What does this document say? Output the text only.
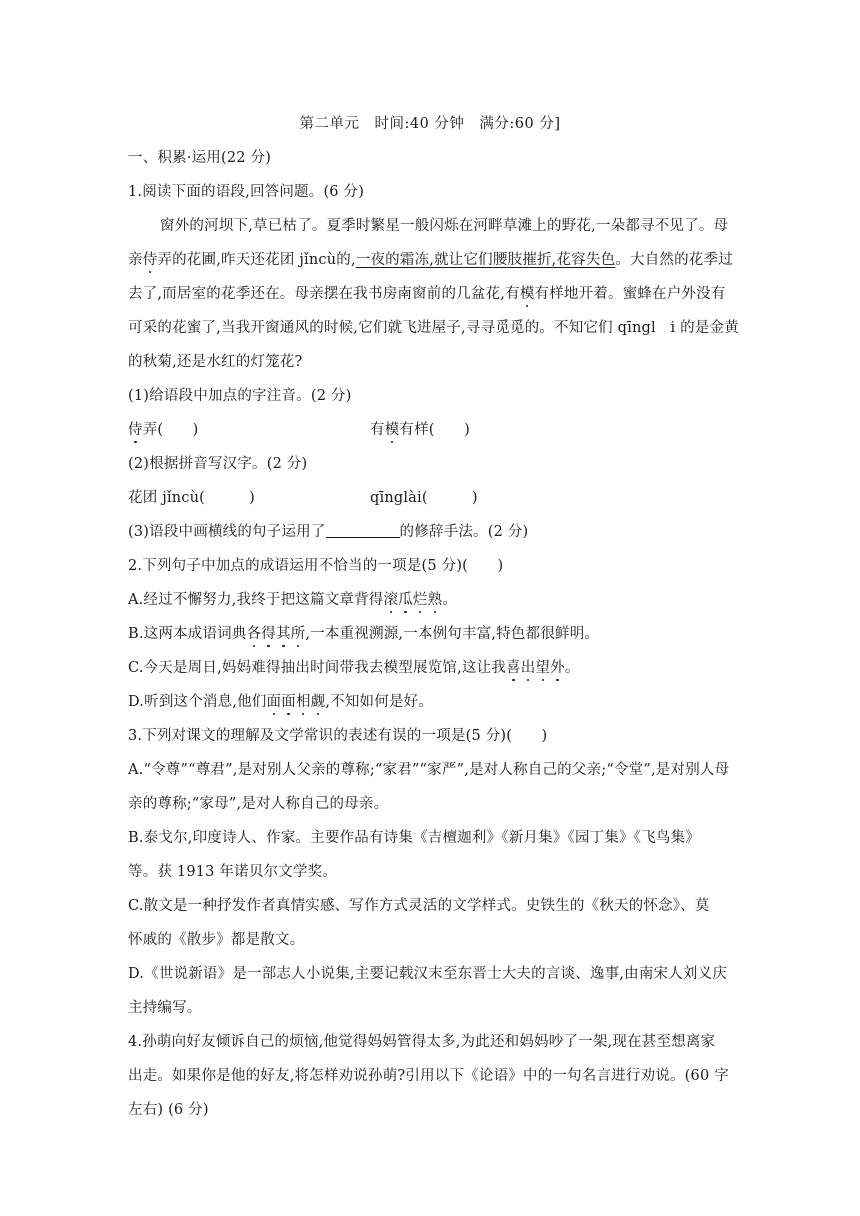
第二单元　时间:40 分钟　满分:60 分]
一、积累·运用(22 分)
1.阅读下面的语段,回答问题。(6 分)
窗外的河坝下,草已枯了。夏季时繁星一般闪烁在河畔草滩上的野花,一朵都寻不见了。母
亲侍弄的花圃,昨天还花团 jǐncù的,一夜的霜冻,就让它们腰肢摧折,花容失色。大自然的花季过
去了,而居室的花季还在。母亲摆在我书房南窗前的几盆花,有模有样地开着。蜜蜂在户外没有
可采的花蜜了,当我开窗通风的时候,它们就飞进屋子,寻寻觅觅的。不知它们 qīngl　i 的是金黄
的秋菊,还是水红的灯笼花?
(1)给语段中加点的字注音。(2 分)
侍弄(　　)	有模有样(　　)
(2)根据拼音写汉字。(2 分)
花团 jǐncù(　　　)	qīnglài(　　　)
(3)语段中画横线的句子运用了	的修辞手法。(2 分)
2.下列句子中加点的成语运用不恰当的一项是(5 分)(　　)
A.经过不懈努力,我终于把这篇文章背得滚瓜烂熟。
B.这两本成语词典各得其所,一本重视溯源,一本例句丰富,特色都很鲜明。
C.今天是周日,妈妈难得抽出时间带我去模型展览馆,这让我喜出望外。
D.听到这个消息,他们面面相觑,不知如何是好。
3.下列对课文的理解及文学常识的表述有误的一项是(5 分)(　　)
A.“令尊”“尊君”,是对别人父亲的尊称;“家君”“家严”,是对人称自己的父亲;“令堂”,是对别人母
亲的尊称;“家母”,是对人称自己的母亲。
B.泰戈尔,印度诗人、作家。主要作品有诗集《吉檀迦利》《新月集》《园丁集》《飞鸟集》
等。获 1913 年诺贝尔文学奖。
C.散文是一种抒发作者真情实感、写作方式灵活的文学样式。史铁生的《秋天的怀念》、莫
怀戚的《散步》都是散文。
D.《世说新语》是一部志人小说集,主要记载汉末至东晋士大夫的言谈、逸事,由南宋人刘义庆
主持编写。
4.孙萌向好友倾诉自己的烦恼,他觉得妈妈管得太多,为此还和妈妈吵了一架,现在甚至想离家
出走。如果你是他的好友,将怎样劝说孙萌?引用以下《论语》中的一句名言进行劝说。(60 字
左右) (6 分)
